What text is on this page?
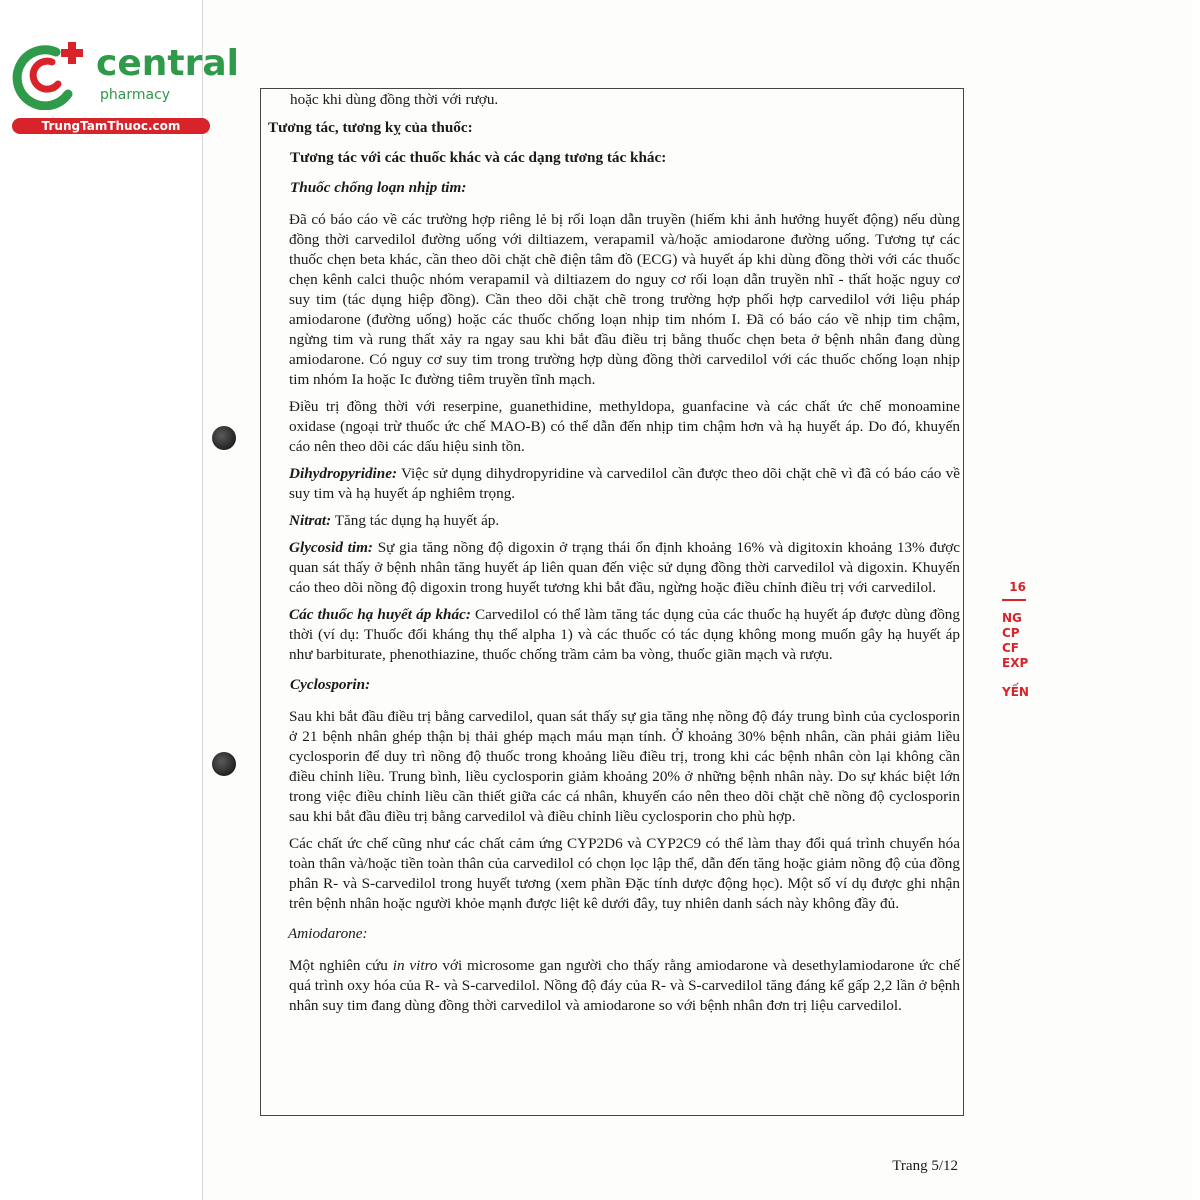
central
pharmacy
TrungTamThuoc.com
hoặc khi dùng đồng thời với rượu.
Tương tác, tương kỵ của thuốc:
Tương tác với các thuốc khác và các dạng tương tác khác:
Thuốc chống loạn nhịp tim:
Đã có báo cáo về các trường hợp riêng lẻ bị rối loạn dẫn truyền (hiếm khi ảnh hưởng huyết động) nếu dùng đồng thời carvedilol đường uống với diltiazem, verapamil và/hoặc amiodarone đường uống. Tương tự các thuốc chẹn beta khác, cần theo dõi chặt chẽ điện tâm đồ (ECG) và huyết áp khi dùng đồng thời với các thuốc chẹn kênh calci thuộc nhóm verapamil và diltiazem do nguy cơ rối loạn dẫn truyền nhĩ - thất hoặc nguy cơ suy tim (tác dụng hiệp đồng). Cần theo dõi chặt chẽ trong trường hợp phối hợp carvedilol với liệu pháp amiodarone (đường uống) hoặc các thuốc chống loạn nhịp tim nhóm I. Đã có báo cáo về nhịp tim chậm, ngừng tim và rung thất xảy ra ngay sau khi bắt đầu điều trị bằng thuốc chẹn beta ở bệnh nhân đang dùng amiodarone. Có nguy cơ suy tim trong trường hợp dùng đồng thời carvedilol với các thuốc chống loạn nhịp tim nhóm Ia hoặc Ic đường tiêm truyền tĩnh mạch.
Điều trị đồng thời với reserpine, guanethidine, methyldopa, guanfacine và các chất ức chế monoamine oxidase (ngoại trừ thuốc ức chế MAO-B) có thể dẫn đến nhịp tim chậm hơn và hạ huyết áp. Do đó, khuyến cáo nên theo dõi các dấu hiệu sinh tồn.
Dihydropyridine: Việc sử dụng dihydropyridine và carvedilol cần được theo dõi chặt chẽ vì đã có báo cáo về suy tim và hạ huyết áp nghiêm trọng.
Nitrat: Tăng tác dụng hạ huyết áp.
Glycosid tim: Sự gia tăng nồng độ digoxin ở trạng thái ổn định khoảng 16% và digitoxin khoảng 13% được quan sát thấy ở bệnh nhân tăng huyết áp liên quan đến việc sử dụng đồng thời carvedilol và digoxin. Khuyến cáo theo dõi nồng độ digoxin trong huyết tương khi bắt đầu, ngừng hoặc điều chỉnh điều trị với carvedilol.
Các thuốc hạ huyết áp khác: Carvedilol có thể làm tăng tác dụng của các thuốc hạ huyết áp được dùng đồng thời (ví dụ: Thuốc đối kháng thụ thể alpha 1) và các thuốc có tác dụng không mong muốn gây hạ huyết áp như barbiturate, phenothiazine, thuốc chống trầm cảm ba vòng, thuốc giãn mạch và rượu.
Cyclosporin:
Sau khi bắt đầu điều trị bằng carvedilol, quan sát thấy sự gia tăng nhẹ nồng độ đáy trung bình của cyclosporin ở 21 bệnh nhân ghép thận bị thải ghép mạch máu mạn tính. Ở khoảng 30% bệnh nhân, cần phải giảm liều cyclosporin để duy trì nồng độ thuốc trong khoảng liều điều trị, trong khi các bệnh nhân còn lại không cần điều chỉnh liều. Trung bình, liều cyclosporin giảm khoảng 20% ở những bệnh nhân này. Do sự khác biệt lớn trong việc điều chỉnh liều cần thiết giữa các cá nhân, khuyến cáo nên theo dõi chặt chẽ nồng độ cyclosporin sau khi bắt đầu điều trị bằng carvedilol và điều chỉnh liều cyclosporin cho phù hợp.
Các chất ức chế cũng như các chất cảm ứng CYP2D6 và CYP2C9 có thể làm thay đổi quá trình chuyển hóa toàn thân và/hoặc tiền toàn thân của carvedilol có chọn lọc lập thể, dẫn đến tăng hoặc giảm nồng độ của đồng phân R- và S-carvedilol trong huyết tương (xem phần Đặc tính dược động học). Một số ví dụ được ghi nhận trên bệnh nhân hoặc người khỏe mạnh được liệt kê dưới đây, tuy nhiên danh sách này không đầy đủ.
Amiodarone:
Một nghiên cứu in vitro với microsome gan người cho thấy rằng amiodarone và desethylamiodarone ức chế quá trình oxy hóa của R- và S-carvedilol. Nồng độ đáy của R- và S-carvedilol tăng đáng kể gấp 2,2 lần ở bệnh nhân suy tim đang dùng đồng thời carvedilol và amiodarone so với bệnh nhân đơn trị liệu carvedilol.
16
NG
CP
CF
EXP
YẾN
Trang 5/12
